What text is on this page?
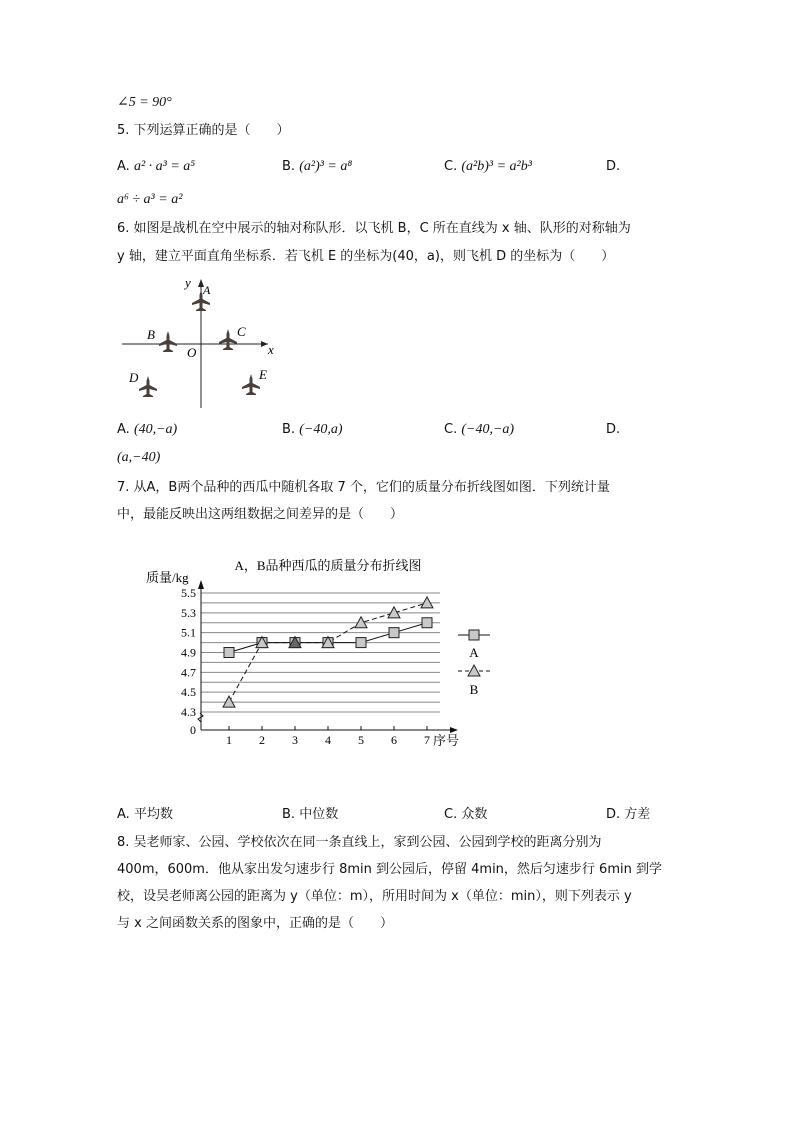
∠5 = 90°
5. 下列运算正确的是（　　）
A. a² · a³ = a⁵	B. (a²)³ = a⁸	C. (a²b)³ = a²b³	D.
a⁶ ÷ a³ = a²
6. 如图是战机在空中展示的轴对称队形．以飞机 B，C 所在直线为 x 轴、队形的对称轴为
y 轴，建立平面直角坐标系．若飞机 E 的坐标为(40，a)，则飞机 D 的坐标为（　　）
x
y
O
A
B	C
D	E
A，B品种西瓜的质量分布折线图
质量/kg
序号
5.5
5.3
5.1
4.9
4.7
4.5
4.3
0
1 2 3 4 5 6 7
A
B
A. (40,−a)	B. (−40,a)	C. (−40,−a)	D.
(a,−40)
7. 从A，B两个品种的西瓜中随机各取 7 个，它们的质量分布折线图如图．下列统计量
中，最能反映出这两组数据之间差异的是（　　）
A. 平均数	B. 中位数	C. 众数	D. 方差
8. 吴老师家、公园、学校依次在同一条直线上，家到公园、公园到学校的距离分别为
400m，600m．他从家出发匀速步行 8min 到公园后，停留 4min，然后匀速步行 6min 到学
校，设吴老师离公园的距离为 y（单位：m），所用时间为 x（单位：min），则下列表示 y
与 x 之间函数关系的图象中，正确的是（　　）
